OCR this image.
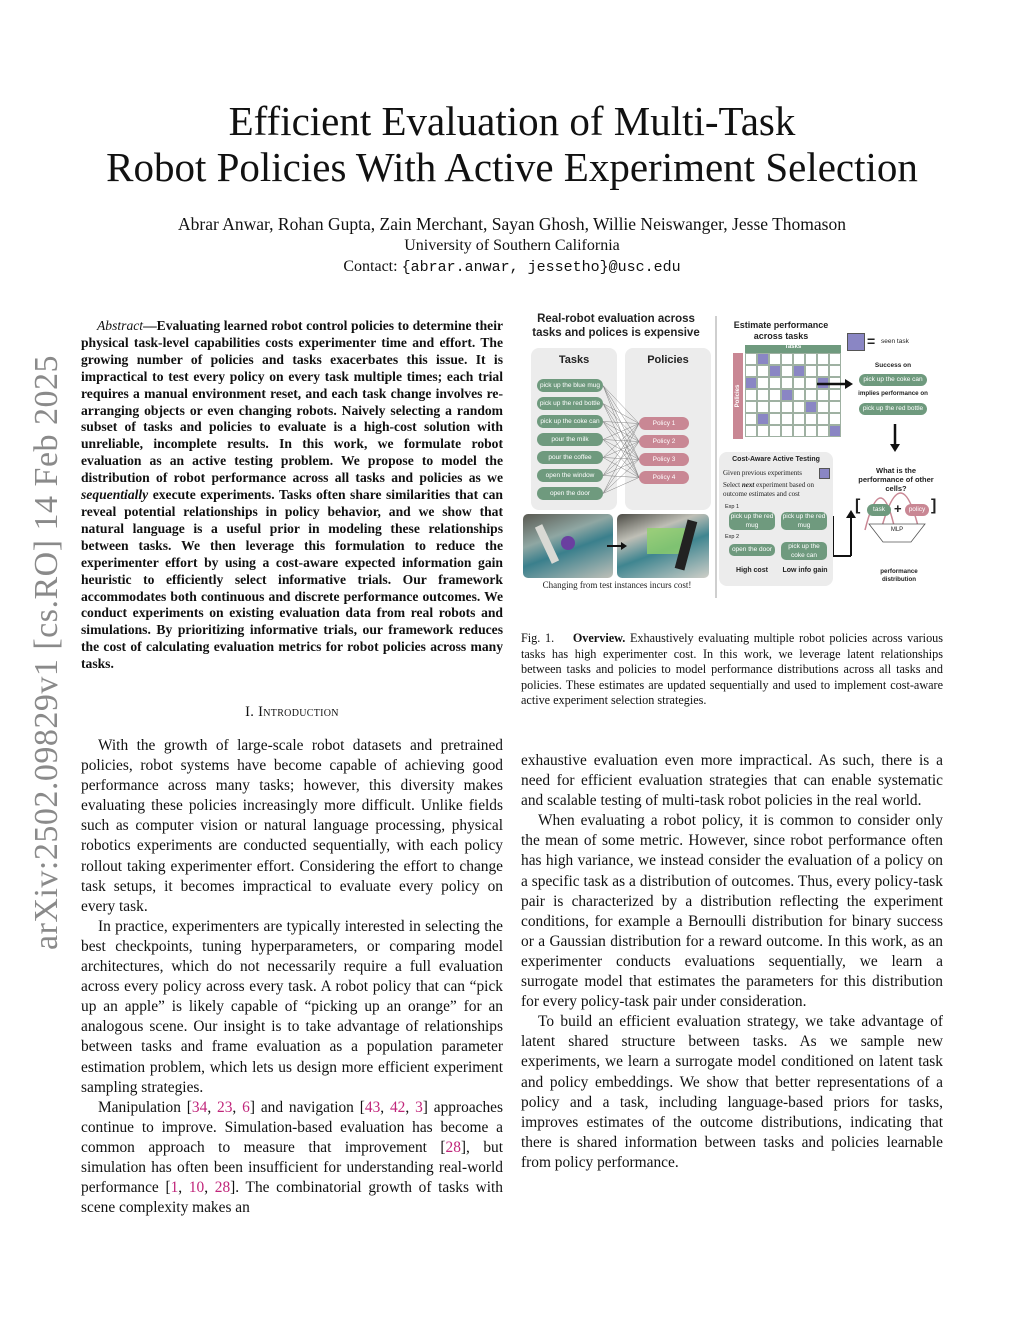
arXiv:2502.09829v1 [cs.RO] 14 Feb 2025
Efficient Evaluation of Multi-Task
Robot Policies With Active Experiment Selection
Abrar Anwar, Rohan Gupta, Zain Merchant, Sayan Ghosh, Willie Neiswanger, Jesse Thomason
University of Southern California
Contact: {abrar.anwar, jessetho}@usc.edu
Abstract—Evaluating learned robot control policies to determine their physical task-level capabilities costs experimenter time and effort. The growing number of policies and tasks exacerbates this issue. It is impractical to test every policy on every task multiple times; each trial requires a manual environment reset, and each task change involves re-arranging objects or even changing robots. Naively selecting a random subset of tasks and policies to evaluate is a high-cost solution with unreliable, incomplete results. In this work, we formulate robot evaluation as an active testing problem. We propose to model the distribution of robot performance across all tasks and policies as we sequentially execute experiments. Tasks often share similarities that can reveal potential relationships in policy behavior, and we show that natural language is a useful prior in modeling these relationships between tasks. We then leverage this formulation to reduce the experimenter effort by using a cost-aware expected information gain heuristic to efficiently select informative trials. Our framework accommodates both continuous and discrete performance outcomes. We conduct experiments on existing evaluation data from real robots and simulations. By prioritizing informative trials, our framework reduces the cost of calculating evaluation metrics for robot policies across many tasks.
I. Introduction

With the growth of large-scale robot datasets and pretrained policies, robot systems have become capable of achieving good performance across many tasks; however, this diversity makes evaluating these policies increasingly more difficult. Unlike fields such as computer vision or natural language processing, physical robotics experiments are conducted sequentially, with each policy rollout taking experimenter effort. Considering the effort to change task setups, it becomes impractical to evaluate every policy on every task.

In practice, experimenters are typically interested in selecting the best checkpoints, tuning hyperparameters, or comparing model architectures, which do not necessarily require a full evaluation across every policy across every task. A robot policy that can “pick up an apple” is likely capable of “picking up an orange” for an analogous scene. Our insight is to take advantage of relationships between tasks and frame evaluation as a population parameter estimation problem, which lets us design more efficient experiment sampling strategies.

Manipulation [34, 23, 6] and navigation [43, 42, 3] approaches continue to improve. Simulation-based evaluation has become a common approach to measure that improvement [28], but simulation has often been insufficient for understanding real-world performance [1, 10, 28]. The combinatorial growth of tasks with scene complexity makes an

Real-robot evaluation across tasks and polices is expensive
Tasks	Policies
pick up the blue mug
pick up the red bottle
pick up the coke can
pour the milk
pour the coffee
open the window
open the door
Policy 1
Policy 2
Policy 3
Policy 4
Changing from test instances incurs cost!
Estimate performance across tasks	= seen task
Tasks
Policies
Success on
pick up the coke can
implies performance on
pick up the red bottle
What is the performance of other cells?
[	task +	policy ]
MLP
performance distribution
Cost-Aware Active Testing
Given previous experiments
Select next experiment based on outcome estimates and cost
Exp 1
pick up the red mug
pick up the red mug
Exp 2
open the door	pick up the coke can
High cost	Low info gain
Fig. 1. Overview. Exhaustively evaluating multiple robot policies across various tasks has high experimenter cost. In this work, we leverage latent relationships between tasks and policies to model performance distributions across all tasks and policies. These estimates are updated sequentially and used to implement cost-aware active experiment selection strategies.

exhaustive evaluation even more impractical. As such, there is a need for efficient evaluation strategies that can enable systematic and scalable testing of multi-task robot policies in the real world.

When evaluating a robot policy, it is common to consider only the mean of some metric. However, since robot performance often has high variance, we instead consider the evaluation of a policy on a specific task as a distribution of outcomes. Thus, every policy-task pair is characterized by a distribution reflecting the experiment conditions, for example a Bernoulli distribution for binary success or a Gaussian distribution for a reward outcome. In this work, as an experimenter conducts evaluations sequentially, we learn a surrogate model that estimates the parameters for this distribution for every policy-task pair under consideration.

To build an efficient evaluation strategy, we take advantage of latent shared structure between tasks. As we sample new experiments, we learn a surrogate model conditioned on latent task and policy embeddings. We show that better representations of a policy and a task, including language-based priors for tasks, improves estimates of the outcome distributions, indicating that there is shared information between tasks and policies learnable from policy performance.
